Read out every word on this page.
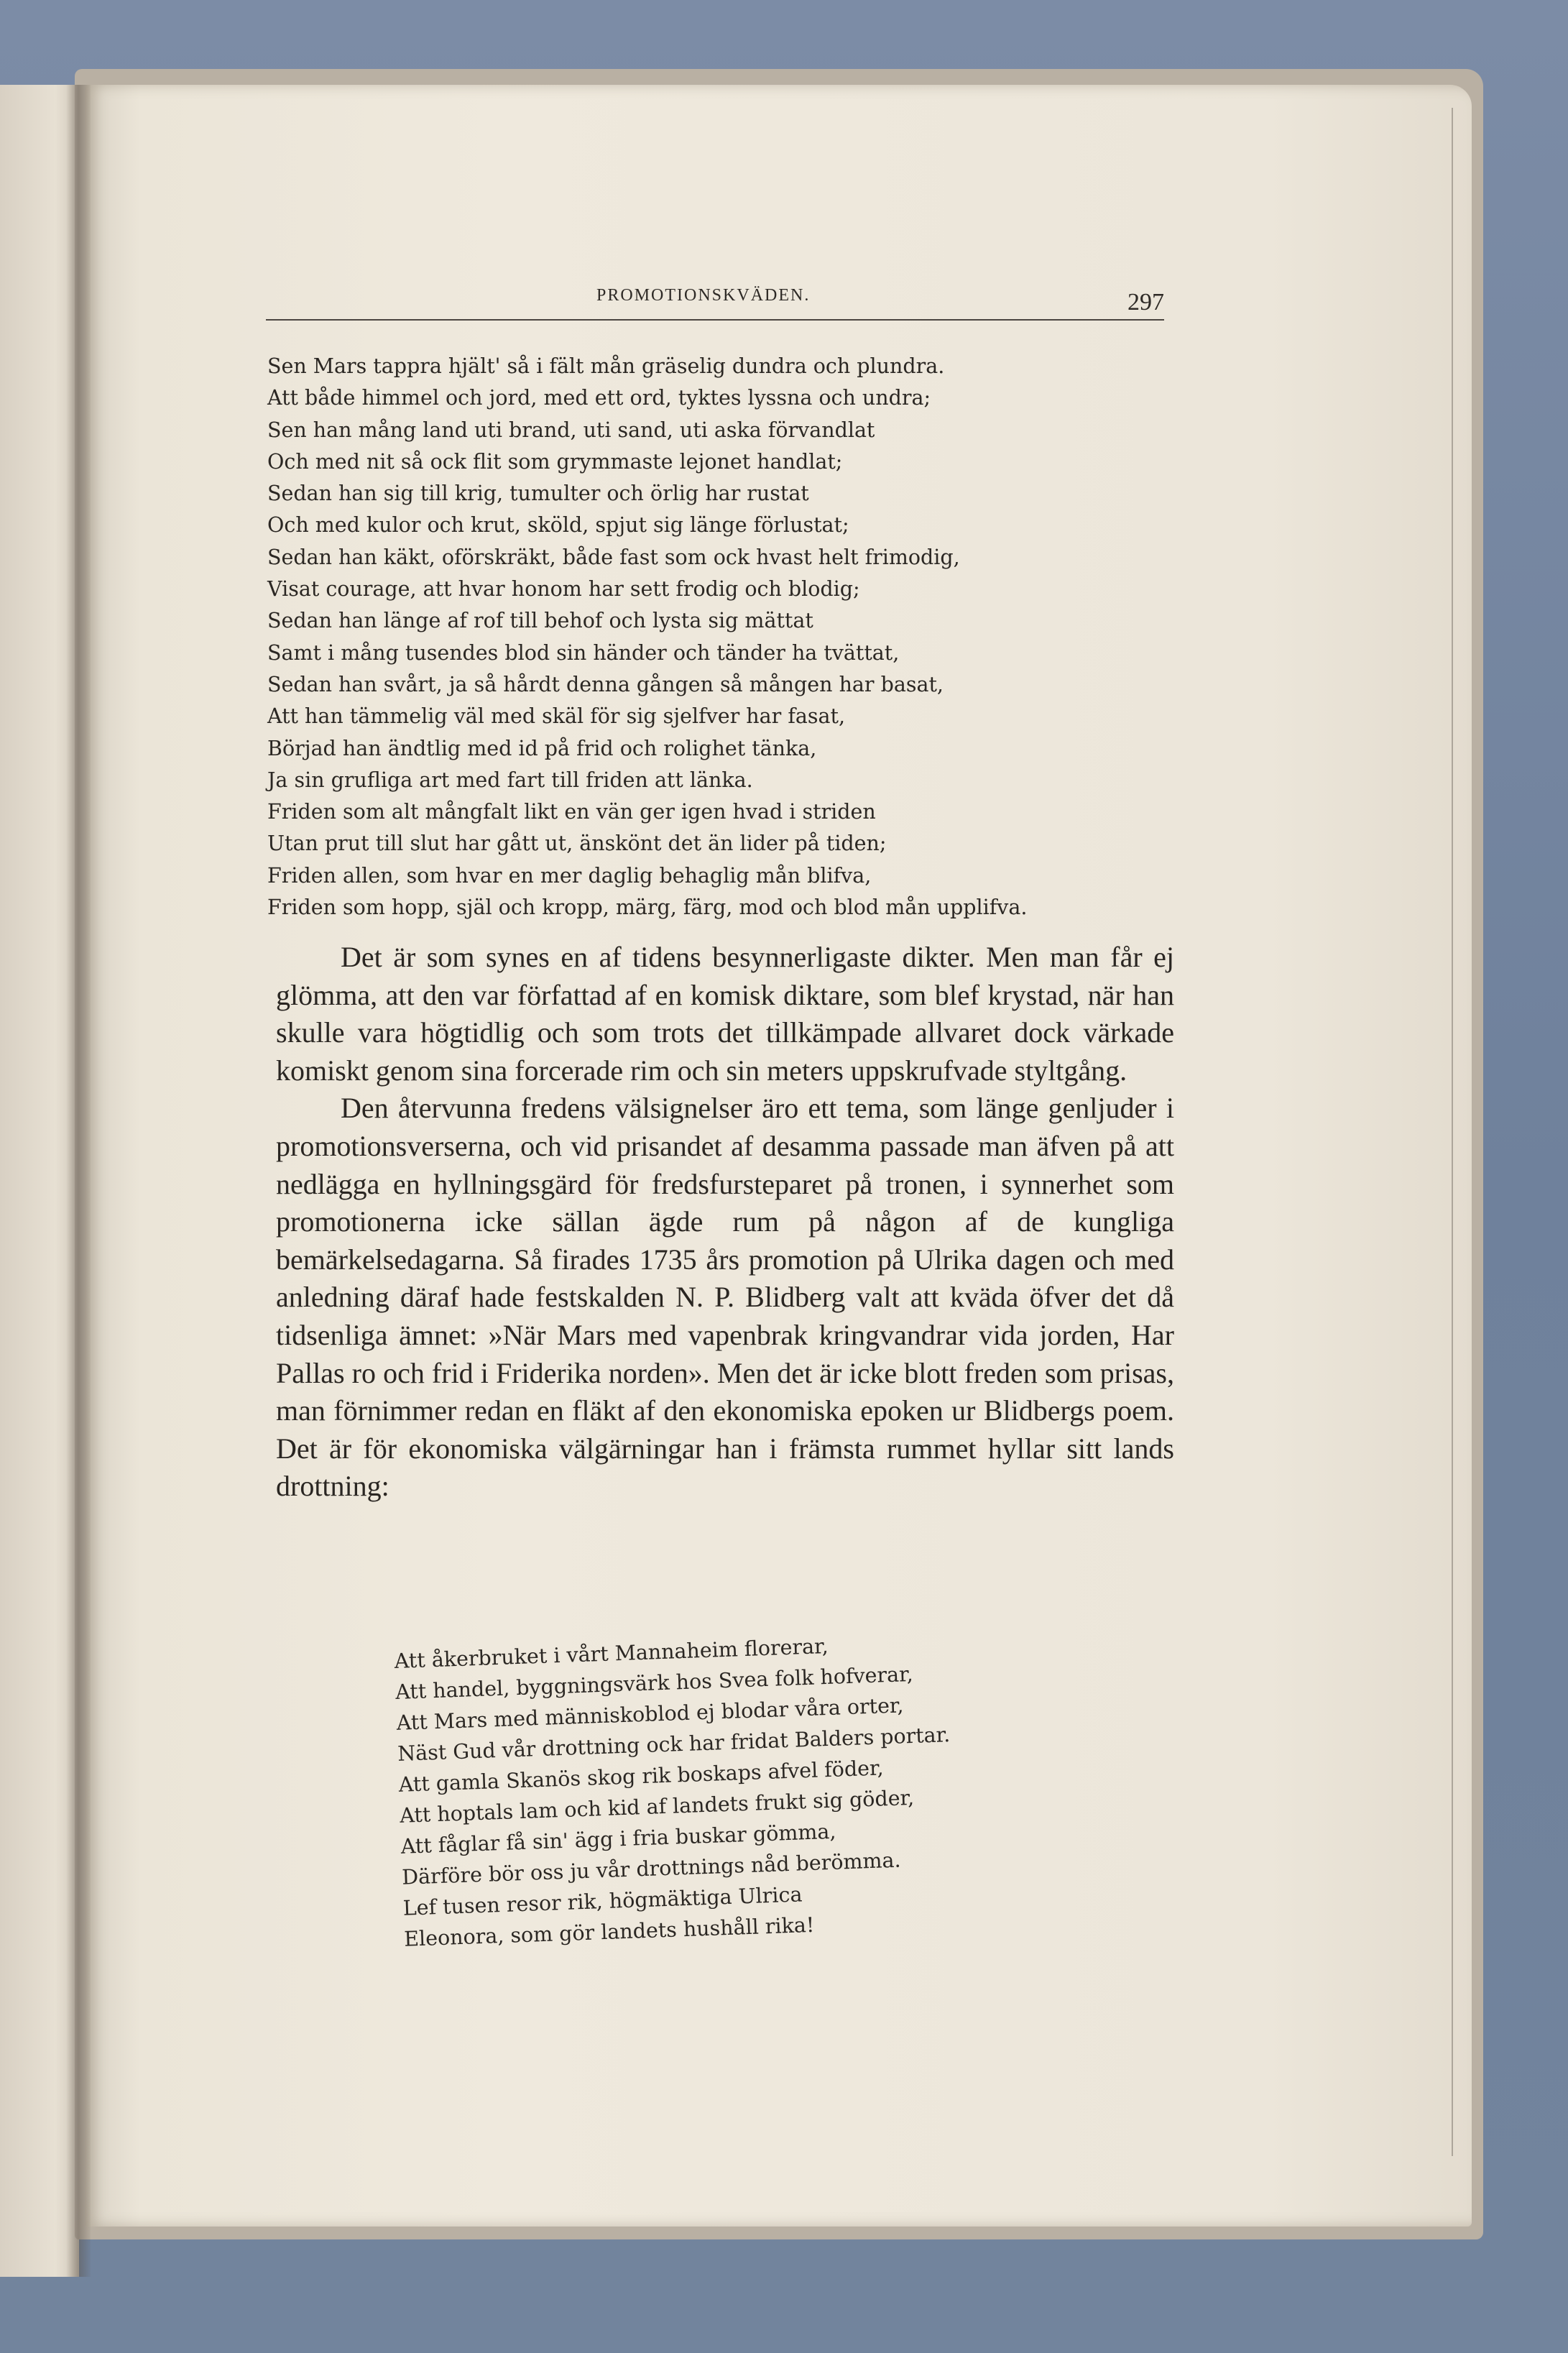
PROMOTIONSKVÄDEN.	297
Sen Mars tappra hjält' så i fält mån gräselig dundra och plundra.
Att både himmel och jord, med ett ord, tyktes lyssna och undra;
Sen han mång land uti brand, uti sand, uti aska förvandlat
Och med nit så ock flit som grymmaste lejonet handlat;
Sedan han sig till krig, tumulter och örlig har rustat
Och med kulor och krut, sköld, spjut sig länge förlustat;
Sedan han käkt, oförskräkt, både fast som ock hvast helt frimodig,
Visat courage, att hvar honom har sett frodig och blodig;
Sedan han länge af rof till behof och lysta sig mättat
Samt i mång tusendes blod sin händer och tänder ha tvättat,
Sedan han svårt, ja så hårdt denna gången så mången har basat,
Att han tämmelig väl med skäl för sig sjelfver har fasat,
Börjad han ändtlig med id på frid och rolighet tänka,
Ja sin grufliga art med fart till friden att länka.
Friden som alt mångfalt likt en vän ger igen hvad i striden
Utan prut till slut har gått ut, änskönt det än lider på tiden;
Friden allen, som hvar en mer daglig behaglig mån blifva,
Friden som hopp, själ och kropp, märg, färg, mod och blod mån upplifva.

Det är som synes en af tidens besynnerligaste dikter. Men man får ej glömma, att den var författad af en komisk diktare, som blef krystad, när han skulle vara högtidlig och som trots det tillkämpade allvaret dock värkade komiskt genom sina forcerade rim och sin meters uppskrufvade styltgång.

Den återvunna fredens välsignelser äro ett tema, som länge genljuder i promotionsverserna, och vid prisandet af desamma passade man äfven på att nedlägga en hyllningsgärd för fredsfursteparet på tronen, i synnerhet som promotionerna icke sällan ägde rum på någon af de kungliga bemärkelsedagarna. Så firades 1735 års promotion på Ulrika dagen och med anledning däraf hade festskalden N. P. Blidberg valt att kväda öfver det då tidsenliga ämnet: »När Mars med vapenbrak kringvandrar vida jorden, Har Pallas ro och frid i Friderika norden». Men det är icke blott freden som prisas, man förnimmer redan en fläkt af den ekonomiska epoken ur Blidbergs poem. Det är för ekonomiska välgärningar han i främsta rummet hyllar sitt lands drottning:

Att åkerbruket i vårt Mannaheim florerar,
Att handel, byggningsvärk hos Svea folk hofverar,
Att Mars med människoblod ej blodar våra orter,
Näst Gud vår drottning ock har fridat Balders portar.
Att gamla Skanös skog rik boskaps afvel föder,
Att hoptals lam och kid af landets frukt sig göder,
Att fåglar få sin' ägg i fria buskar gömma,
Därföre bör oss ju vår drottnings nåd berömma.
Lef tusen resor rik, högmäktiga Ulrica
Eleonora, som gör landets hushåll rika!
